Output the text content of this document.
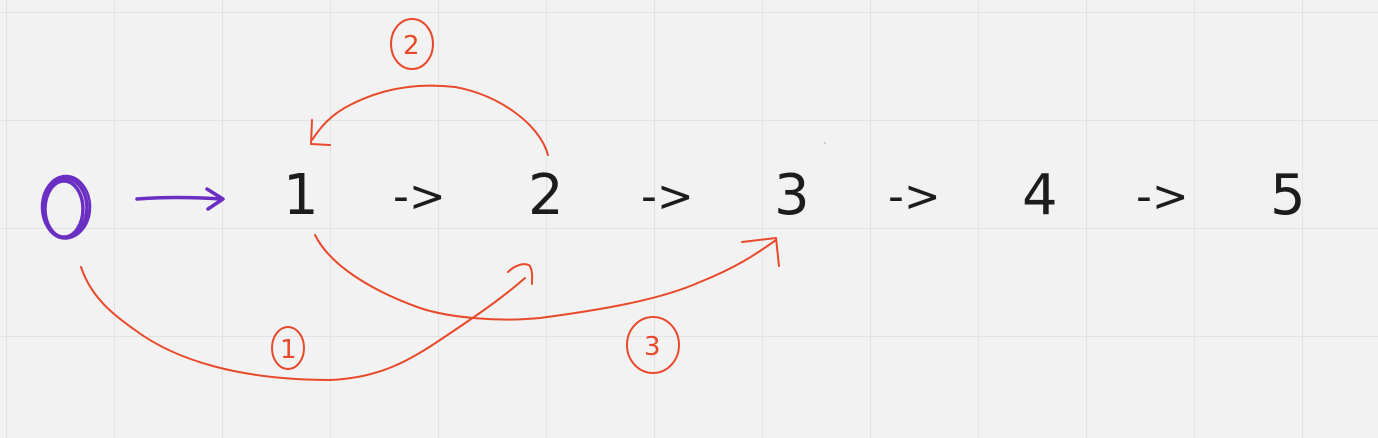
1 -> 2 -> 3 -> 4 -> 5
1
2
3
